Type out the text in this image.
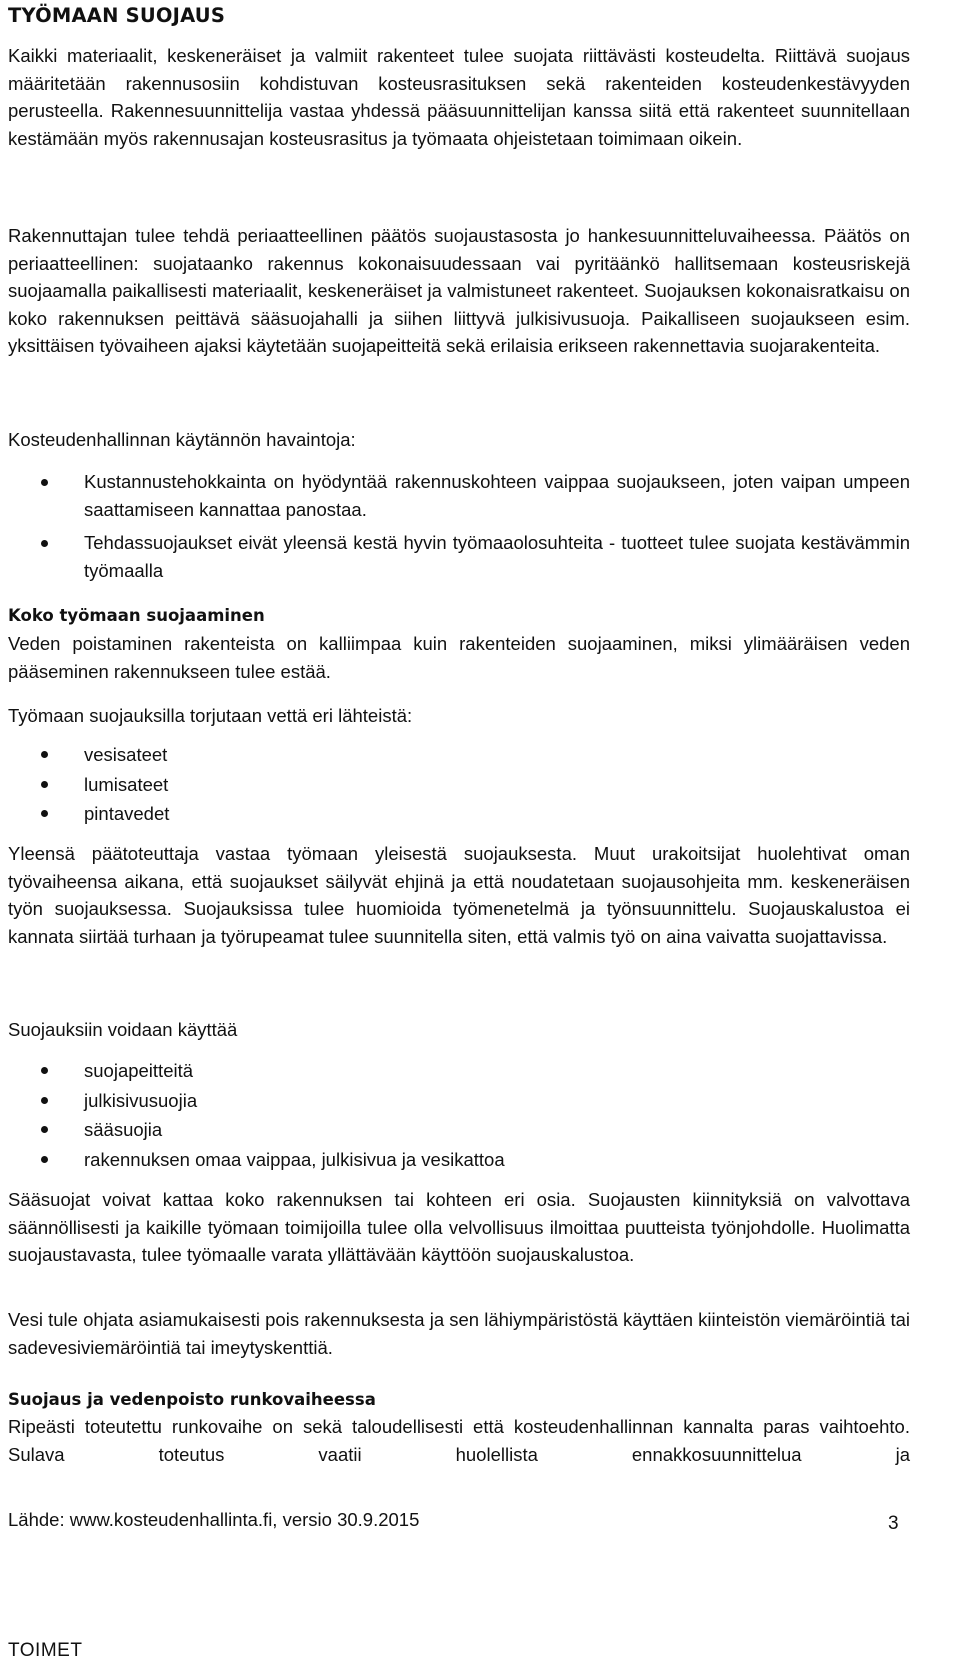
TYÖMAAN SUOJAUS

Kaikki materiaalit, keskeneräiset ja valmiit rakenteet tulee suojata riittävästi kosteudelta. Riittävä suojaus määritetään rakennusosiin kohdistuvan kosteusrasituksen sekä rakenteiden kosteudenkestävyyden perusteella. Rakennesuunnittelija vastaa yhdessä pääsuunnittelijan kanssa siitä että rakenteet suunnitellaan kestämään myös rakennusajan kosteusrasitus ja työmaata ohjeistetaan toimimaan oikein.

Rakennuttajan tulee tehdä periaatteellinen päätös suojaustasosta jo hankesuunnitteluvaiheessa. Päätös on periaatteellinen: suojataanko rakennus kokonaisuudessaan vai pyritäänkö hallitsemaan kosteusriskejä suojaamalla paikallisesti materiaalit, keskeneräiset ja valmistuneet rakenteet. Suojauksen kokonaisratkaisu on koko rakennuksen peittävä sääsuojahalli ja siihen liittyvä julkisivusuoja. Paikalliseen suojaukseen esim. yksittäisen työvaiheen ajaksi käytetään suojapeitteitä sekä erilaisia erikseen rakennettavia suojarakenteita.

Kosteudenhallinnan käytännön havaintoja:

Kustannustehokkainta on hyödyntää rakennuskohteen vaippaa suojaukseen, joten vaipan umpeen saattamiseen kannattaa panostaa.
Tehdassuojaukset eivät yleensä kestä hyvin työmaaolosuhteita - tuotteet tulee suojata kestävämmin työmaalla
Koko työmaan suojaaminen

Veden poistaminen rakenteista on kalliimpaa kuin rakenteiden suojaaminen, miksi ylimääräisen veden pääseminen rakennukseen tulee estää.

Työmaan suojauksilla torjutaan vettä eri lähteistä:

vesisateet
lumisateet
pintavedet

Yleensä päätoteuttaja vastaa työmaan yleisestä suojauksesta. Muut urakoitsijat huolehtivat oman työvaiheensa aikana, että suojaukset säilyvät ehjinä ja että noudatetaan suojausohjeita mm. keskeneräisen työn suojauksessa. Suojauksissa tulee huomioida työmenetelmä ja työnsuunnittelu. Suojauskalustoa ei kannata siirtää turhaan ja työrupeamat tulee suunnitella siten, että valmis työ on aina vaivatta suojattavissa.

Suojauksiin voidaan käyttää

suojapeitteitä
julkisivusuojia
sääsuojia
rakennuksen omaa vaippaa, julkisivua ja vesikattoa

Sääsuojat voivat kattaa koko rakennuksen tai kohteen eri osia. Suojausten kiinnityksiä on valvottava säännöllisesti ja kaikille työmaan toimijoilla tulee olla velvollisuus ilmoittaa puutteista työnjohdolle. Huolimatta suojaustavasta, tulee työmaalle varata yllättävään käyttöön suojauskalustoa.

Vesi tule ohjata asiamukaisesti pois rakennuksesta ja sen lähiympäristöstä käyttäen kiinteistön viemäröintiä tai sadevesiviemäröintiä tai imeytyskenttiä.

Suojaus ja vedenpoisto runkovaiheessa

Ripeästi toteutettu runkovaihe on sekä taloudellisesti että kosteudenhallinnan kannalta paras vaihtoehto. Sulava toteutus vaatii huolellista ennakkosuunnittelua ja

Lähde: www.kosteudenhallinta.fi, versio 30.9.2015	3
TOIMET
